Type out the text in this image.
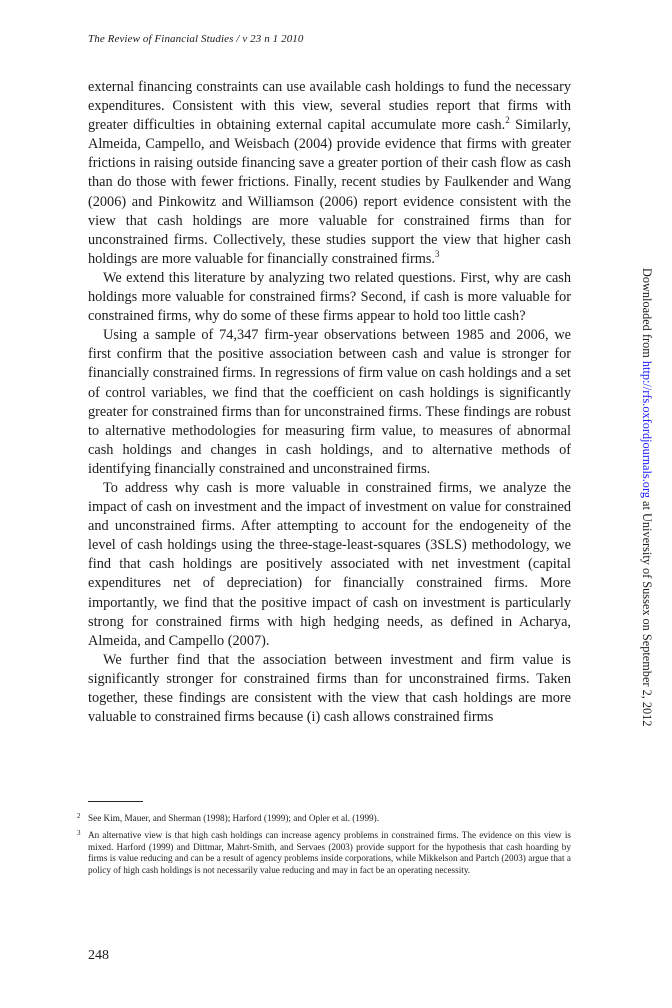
The Review of Financial Studies / v 23 n 1 2010

external financing constraints can use available cash holdings to fund the necessary expenditures. Consistent with this view, several studies report that firms with greater difficulties in obtaining external capital accumulate more cash.$^2$ Similarly, Almeida, Campello, and Weisbach (2004) provide evidence that firms with greater frictions in raising outside financing save a greater portion of their cash flow as cash than do those with fewer frictions. Finally, recent studies by Faulkender and Wang (2006) and Pinkowitz and Williamson (2006) report evidence consistent with the view that cash holdings are more valuable for constrained firms than for unconstrained firms. Collectively, these studies support the view that higher cash holdings are more valuable for financially constrained firms.$^3$

We extend this literature by analyzing two related questions. First, why are cash holdings more valuable for constrained firms? Second, if cash is more valuable for constrained firms, why do some of these firms appear to hold too little cash?

Using a sample of 74,347 firm-year observations between 1985 and 2006, we first confirm that the positive association between cash and value is stronger for financially constrained firms. In regressions of firm value on cash holdings and a set of control variables, we find that the coefficient on cash holdings is significantly greater for constrained firms than for unconstrained firms. These findings are robust to alternative methodologies for measuring firm value, to measures of abnormal cash holdings and changes in cash holdings, and to alternative methods of identifying financially constrained and unconstrained firms.

To address why cash is more valuable in constrained firms, we analyze the impact of cash on investment and the impact of investment on value for constrained and unconstrained firms. After attempting to account for the endogeneity of the level of cash holdings using the three-stage-least-squares (3SLS) methodology, we find that cash holdings are positively associated with net investment (capital expenditures net of depreciation) for financially constrained firms. More importantly, we find that the positive impact of cash on investment is particularly strong for constrained firms with high hedging needs, as defined in Acharya, Almeida, and Campello (2007).

We further find that the association between investment and firm value is significantly stronger for constrained firms than for unconstrained firms. Taken together, these findings are consistent with the view that cash holdings are more valuable to constrained firms because (i) cash allows constrained firms

2 See Kim, Mauer, and Sherman (1998); Harford (1999); and Opler et al. (1999).
3 An alternative view is that high cash holdings can increase agency problems in constrained firms. The evidence on this view is mixed. Harford (1999) and Dittmar, Mahrt-Smith, and Servaes (2003) provide support for the hypothesis that cash hoarding by firms is value reducing and can be a result of agency problems inside corporations, while Mikkelson and Partch (2003) argue that a policy of high cash holdings is not necessarily value reducing and may in fact be an operating necessity.
248
Downloaded from http://rfs.oxfordjournals.org at University of Sussex on September 2, 2012
